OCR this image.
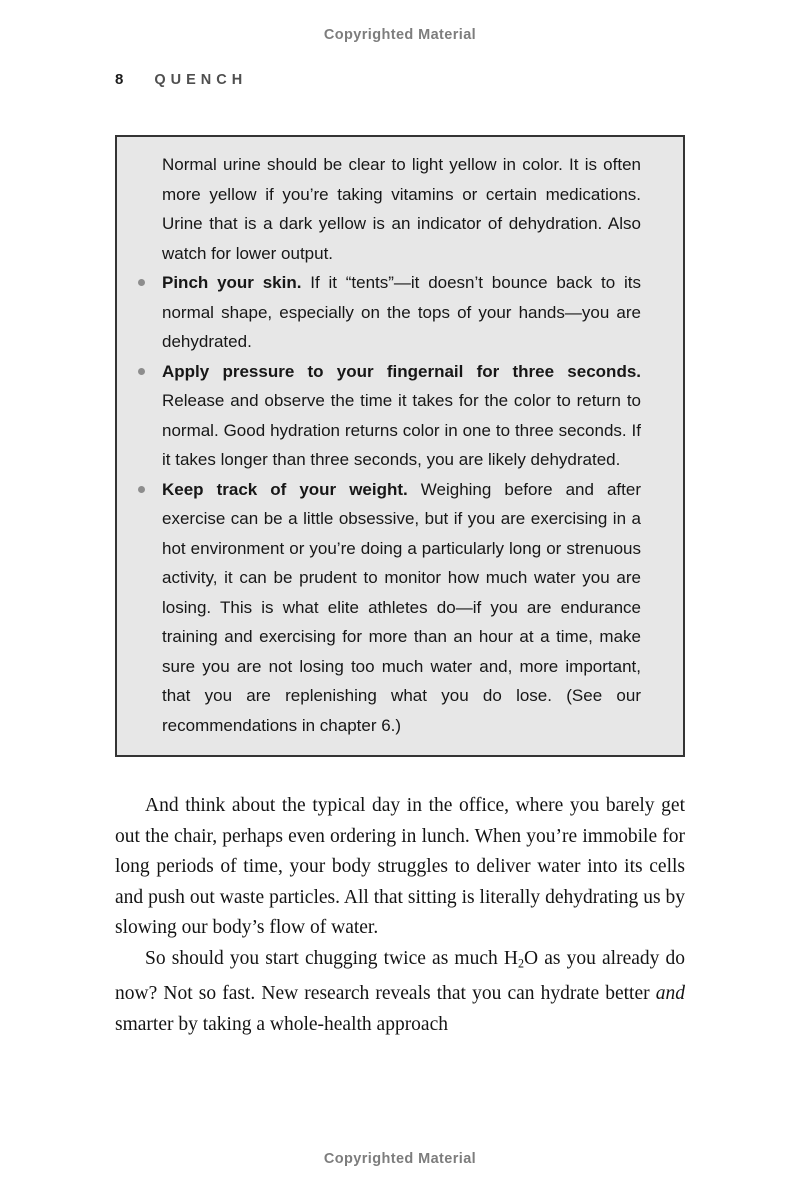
Copyrighted Material
8 QUENCH

Normal urine should be clear to light yellow in color. It is often more yellow if you’re taking vitamins or certain medications. Urine that is a dark yellow is an indicator of dehydration. Also watch for lower output.

Pinch your skin. If it “tents”—it doesn’t bounce back to its normal shape, especially on the tops of your hands—you are dehydrated.
Apply pressure to your fingernail for three seconds. Release and observe the time it takes for the color to return to normal. Good hydration returns color in one to three seconds. If it takes longer than three seconds, you are likely dehydrated.
Keep track of your weight. Weighing before and after exercise can be a little obsessive, but if you are exercising in a hot environment or you’re doing a particularly long or strenuous activity, it can be prudent to monitor how much water you are losing. This is what elite athletes do—if you are endurance training and exercising for more than an hour at a time, make sure you are not losing too much water and, more important, that you are replenishing what you do lose. (See our recommendations in chapter 6.)

And think about the typical day in the office, where you barely get out the chair, perhaps even ordering in lunch. When you’re immobile for long periods of time, your body struggles to deliver water into its cells and push out waste particles. All that sitting is literally dehydrating us by slowing our body’s flow of water.

So should you start chugging twice as much $H_2O$ as you already do now? Not so fast. New research reveals that you can hydrate better and smarter by taking a whole-health approach

Copyrighted Material
